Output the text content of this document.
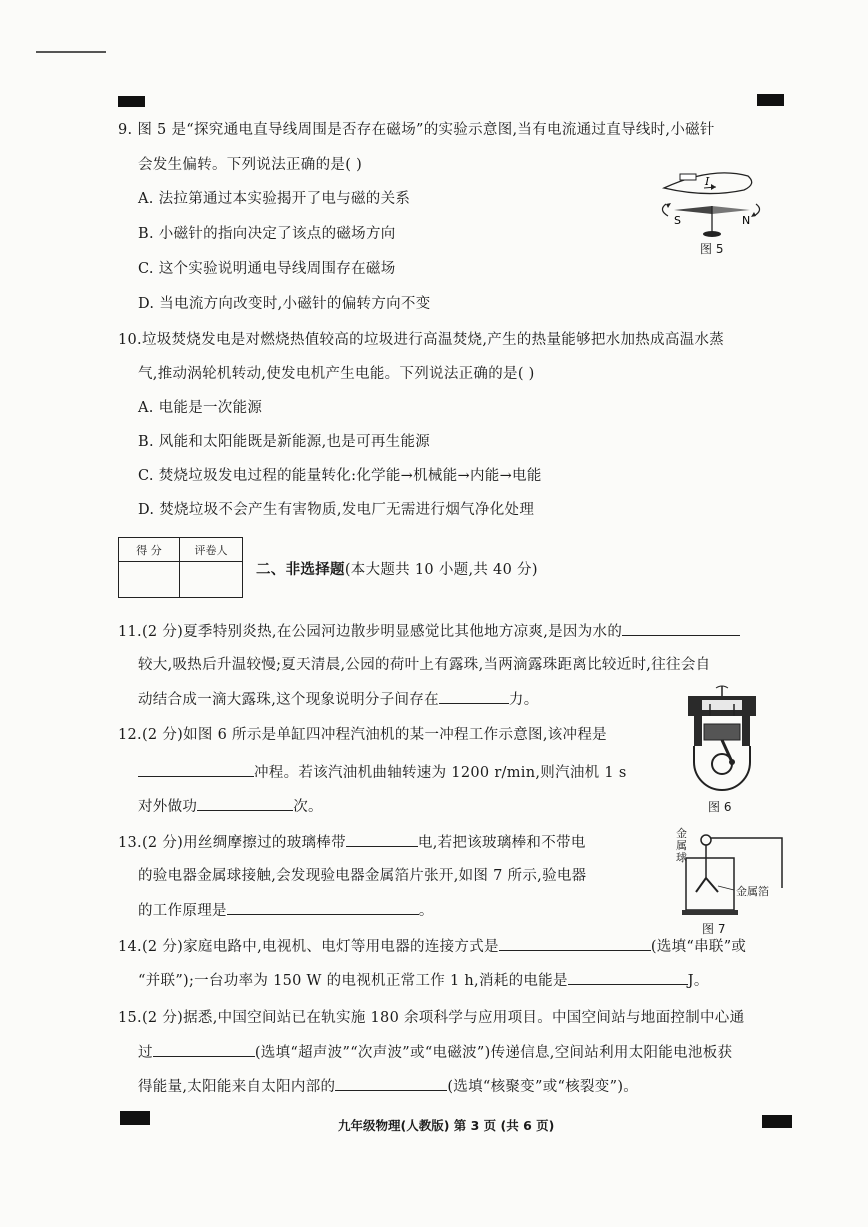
9. 图 5 是“探究通电直导线周围是否存在磁场”的实验示意图,当有电流通过直导线时,小磁针
会发生偏转。下列说法正确的是( )
A. 法拉第通过本实验揭开了电与磁的关系
B. 小磁针的指向决定了该点的磁场方向
C. 这个实验说明通电导线周围存在磁场
D. 当电流方向改变时,小磁针的偏转方向不变
I
S	N
图 5
10.垃圾焚烧发电是对燃烧热值较高的垃圾进行高温焚烧,产生的热量能够把水加热成高温水蒸
气,推动涡轮机转动,使发电机产生电能。下列说法正确的是( )
A. 电能是一次能源
B. 风能和太阳能既是新能源,也是可再生能源
C. 焚烧垃圾发电过程的能量转化:化学能→机械能→内能→电能
D. 焚烧垃圾不会产生有害物质,发电厂无需进行烟气净化处理
得 分	评卷人

二、非选择题(本大题共 10 小题,共 40 分)
11.(2 分)夏季特别炎热,在公园河边散步明显感觉比其他地方凉爽,是因为水的
较大,吸热后升温较慢;夏天清晨,公园的荷叶上有露珠,当两滴露珠距离比较近时,往往会自
动结合成一滴大露珠,这个现象说明分子间存在	力。
12.(2 分)如图 6 所示是单缸四冲程汽油机的某一冲程工作示意图,该冲程是
冲程。若该汽油机曲轴转速为 1200 r/min,则汽油机 1 s
对外做功	次。	图 6
13.(2 分)用丝绸摩擦过的玻璃棒带	电,若把该玻璃棒和不带电
的验电器金属球接触,会发现验电器金属箔片张开,如图 7 所示,验电器
的工作原理是	。
金属球
金属箔
图 7
14.(2 分)家庭电路中,电视机、电灯等用电器的连接方式是	(选填“串联”或
“并联”);一台功率为 150 W 的电视机正常工作 1 h,消耗的电能是	J。
15.(2 分)据悉,中国空间站已在轨实施 180 余项科学与应用项目。中国空间站与地面控制中心通
过	(选填“超声波”“次声波”或“电磁波”)传递信息,空间站利用太阳能电池板获
得能量,太阳能来自太阳内部的	(选填“核聚变”或“核裂变”)。
九年级物理(人教版) 第 3 页 (共 6 页)
